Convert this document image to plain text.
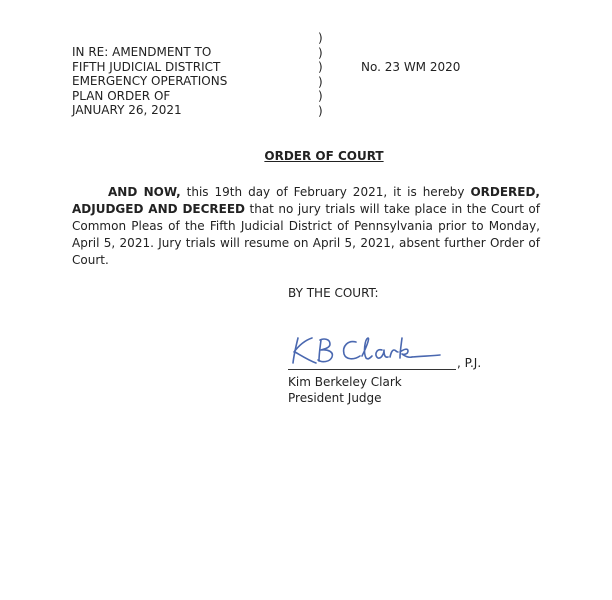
IN RE: AMENDMENT TO
FIFTH JUDICIAL DISTRICT
EMERGENCY OPERATIONS
PLAN ORDER OF
JANUARY 26, 2021
)
)
)
)
)
)
No. 23 WM 2020
ORDER OF COURT
AND NOW, this 19th day of February 2021, it is hereby ORDERED, ADJUDGED AND DECREED that no jury trials will take place in the Court of Common Pleas of the Fifth Judicial District of Pennsylvania prior to Monday, April 5, 2021. Jury trials will resume on April 5, 2021, absent further Order of Court.
BY THE COURT:
, P.J.
Kim Berkeley Clark
President Judge
